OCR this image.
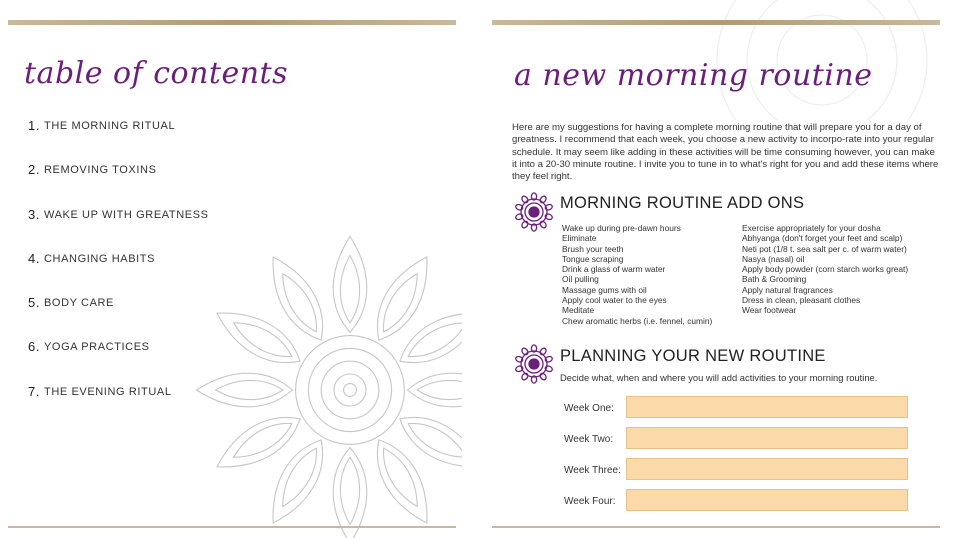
table of contents
1. THE MORNING RITUAL
2. REMOVING TOXINS
3. WAKE UP WITH GREATNESS
4. CHANGING HABITS
5. BODY CARE
6. YOGA PRACTICES
7. THE EVENING RITUAL
a new morning routine

Here are my suggestions for having a complete morning routine that will prepare you for a day of greatness. I recommend that each week, you choose a new activity to incorpo-rate into your regular schedule. It may seem like adding in these activities will be time consuming however, you can make it into a 20-30 minute routine. I invite you to tune in to what's right for you and add these items where they feel right.

MORNING ROUTINE ADD ONS
Wake up during pre-dawn hours
Eliminate
Brush your teeth
Tongue scraping
Drink a glass of warm water
Oil pulling
Massage gums with oil
Apply cool water to the eyes
Meditate
Chew aromatic herbs (i.e. fennel, cumin)
Exercise appropriately for your dosha
Abhyanga (don't forget your feet and scalp)
Neti pot (1/8 t. sea salt per c. of warm water)
Nasya (nasal) oil
Apply body powder (corn starch works great)
Bath & Grooming
Apply natural fragrances
Dress in clean, pleasant clothes
Wear footwear
PLANNING YOUR NEW ROUTINE
Decide what, when and where you will add activities to your morning routine.
Week One:
Week Two:
Week Three:
Week Four:
